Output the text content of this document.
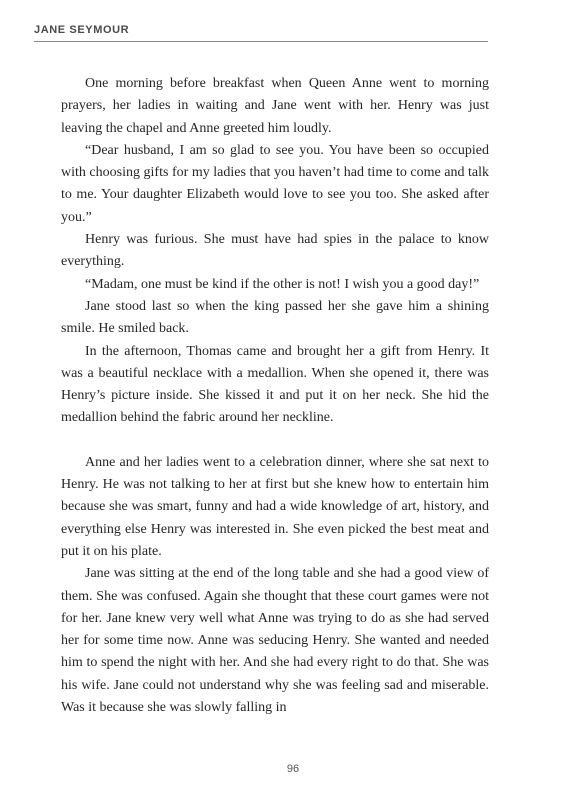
JANE SEYMOUR

One morning before breakfast when Queen Anne went to morning prayers, her ladies in waiting and Jane went with her. Henry was just leaving the chapel and Anne greeted him loudly.

“Dear husband, I am so glad to see you. You have been so occupied with choosing gifts for my ladies that you haven’t had time to come and talk to me. Your daughter Elizabeth would love to see you too. She asked after you.”

Henry was furious. She must have had spies in the palace to know everything.

“Madam, one must be kind if the other is not! I wish you a good day!”

Jane stood last so when the king passed her she gave him a shining smile. He smiled back.

In the afternoon, Thomas came and brought her a gift from Henry. It was a beautiful necklace with a medallion. When she opened it, there was Henry’s picture inside. She kissed it and put it on her neck. She hid the medallion behind the fabric around her neckline.

Anne and her ladies went to a celebration dinner, where she sat next to Henry. He was not talking to her at first but she knew how to entertain him because she was smart, funny and had a wide knowledge of art, history, and everything else Henry was interested in. She even picked the best meat and put it on his plate.

Jane was sitting at the end of the long table and she had a good view of them. She was confused. Again she thought that these court games were not for her. Jane knew very well what Anne was trying to do as she had served her for some time now. Anne was seducing Henry. She wanted and needed him to spend the night with her. And she had every right to do that. She was his wife. Jane could not understand why she was feeling sad and miserable. Was it because she was slowly falling in

96
